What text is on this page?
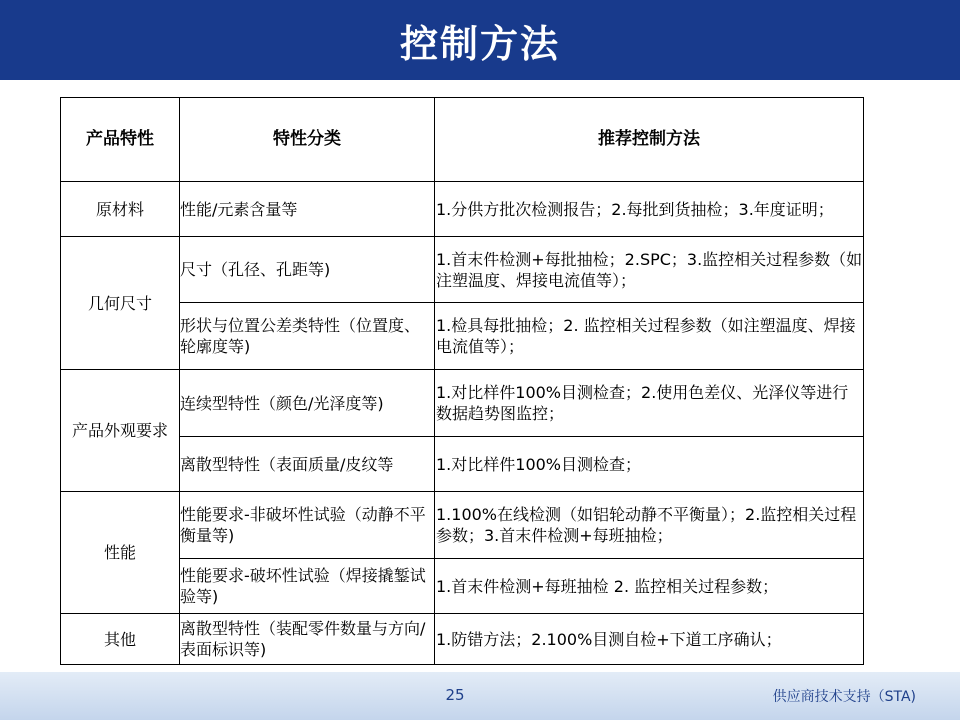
控制方法
产品特性	特性分类	推荐控制方法
原材料	性能/元素含量等	1.分供方批次检测报告；2.每批到货抽检；3.年度证明；
几何尺寸	尺寸（孔径、孔距等)	1.首末件检测+每批抽检；2.SPC；3.监控相关过程参数（如注塑温度、焊接电流值等）；
	形状与位置公差类特性（位置度、轮廓度等)	1.检具每批抽检；2. 监控相关过程参数（如注塑温度、焊接电流值等）；
产品外观要求	连续型特性（颜色/光泽度等)	1.对比样件100%目测检查；2.使用色差仪、光泽仪等进行数据趋势图监控；
	离散型特性（表面质量/皮纹等	1.对比样件100%目测检查；
性能	性能要求-非破坏性试验（动静不平衡量等)	1.100%在线检测（如铝轮动静不平衡量）；2.监控相关过程参数；3.首末件检测+每班抽检；
	性能要求-破坏性试验（焊接撬錾试验等)	1.首末件检测+每班抽检 2. 监控相关过程参数；
其他	离散型特性（装配零件数量与方向/表面标识等)	1.防错方法；2.100%目测自检+下道工序确认；
25	供应商技术支持（STA)
